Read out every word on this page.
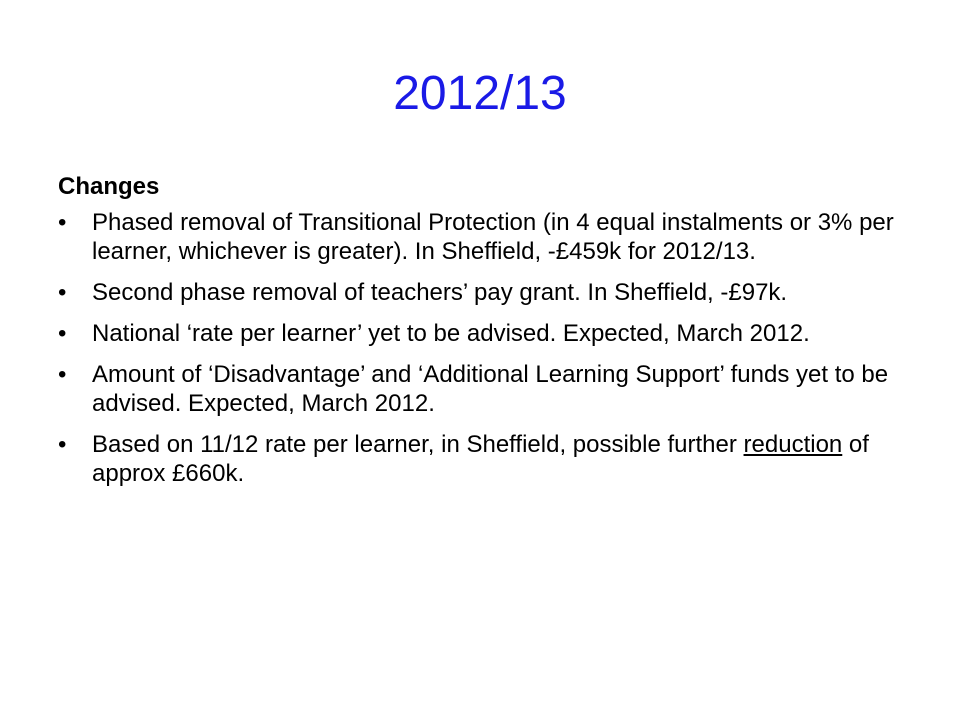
2012/13
Changes
• Phased removal of Transitional Protection (in 4 equal instalments or 3% per learner, whichever is greater). In Sheffield, -£459k for 2012/13.
• Second phase removal of teachers’ pay grant. In Sheffield, -£97k.
• National ‘rate per learner’ yet to be advised. Expected, March 2012.
• Amount of ‘Disadvantage’ and ‘Additional Learning Support’ funds yet to be advised. Expected, March 2012.
• Based on 11/12 rate per learner, in Sheffield, possible further reduction of approx £660k.
